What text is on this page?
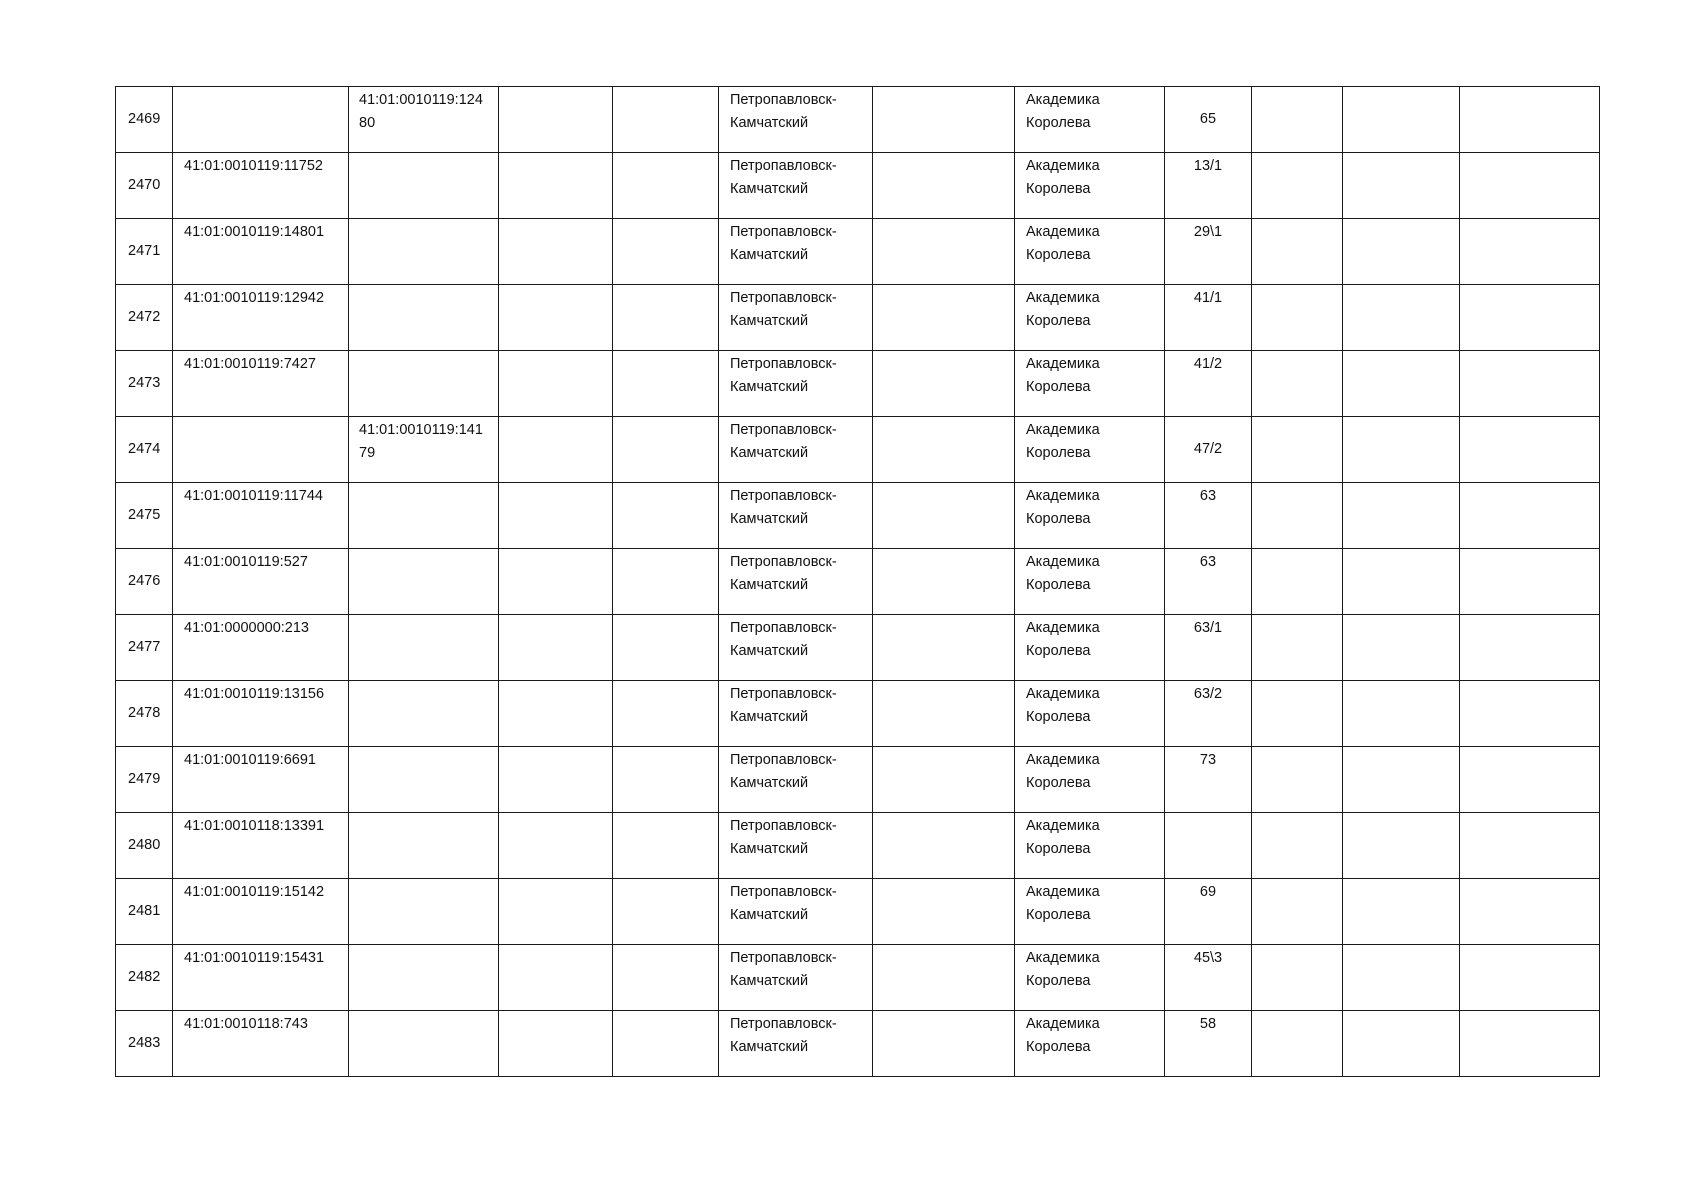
2469		41:01:0010119:12480			Петропавловск-Камчатский		Академика Королева	65			
2470	41:01:0010119:11752				Петропавловск-Камчатский		Академика Королева	13/1			
2471	41:01:0010119:14801				Петропавловск-Камчатский		Академика Королева	29\1			
2472	41:01:0010119:12942				Петропавловск-Камчатский		Академика Королева	41/1			
2473	41:01:0010119:7427				Петропавловск-Камчатский		Академика Королева	41/2			
2474		41:01:0010119:14179			Петропавловск-Камчатский		Академика Королева	47/2			
2475	41:01:0010119:11744				Петропавловск-Камчатский		Академика Королева	63			
2476	41:01:0010119:527				Петропавловск-Камчатский		Академика Королева	63			
2477	41:01:0000000:213				Петропавловск-Камчатский		Академика Королева	63/1			
2478	41:01:0010119:13156				Петропавловск-Камчатский		Академика Королева	63/2			
2479	41:01:0010119:6691				Петропавловск-Камчатский		Академика Королева	73			
2480	41:01:0010118:13391				Петропавловск-Камчатский		Академика Королева				
2481	41:01:0010119:15142				Петропавловск-Камчатский		Академика Королева	69			
2482	41:01:0010119:15431				Петропавловск-Камчатский		Академика Королева	45\3			
2483	41:01:0010118:743				Петропавловск-Камчатский		Академика Королева	58			
